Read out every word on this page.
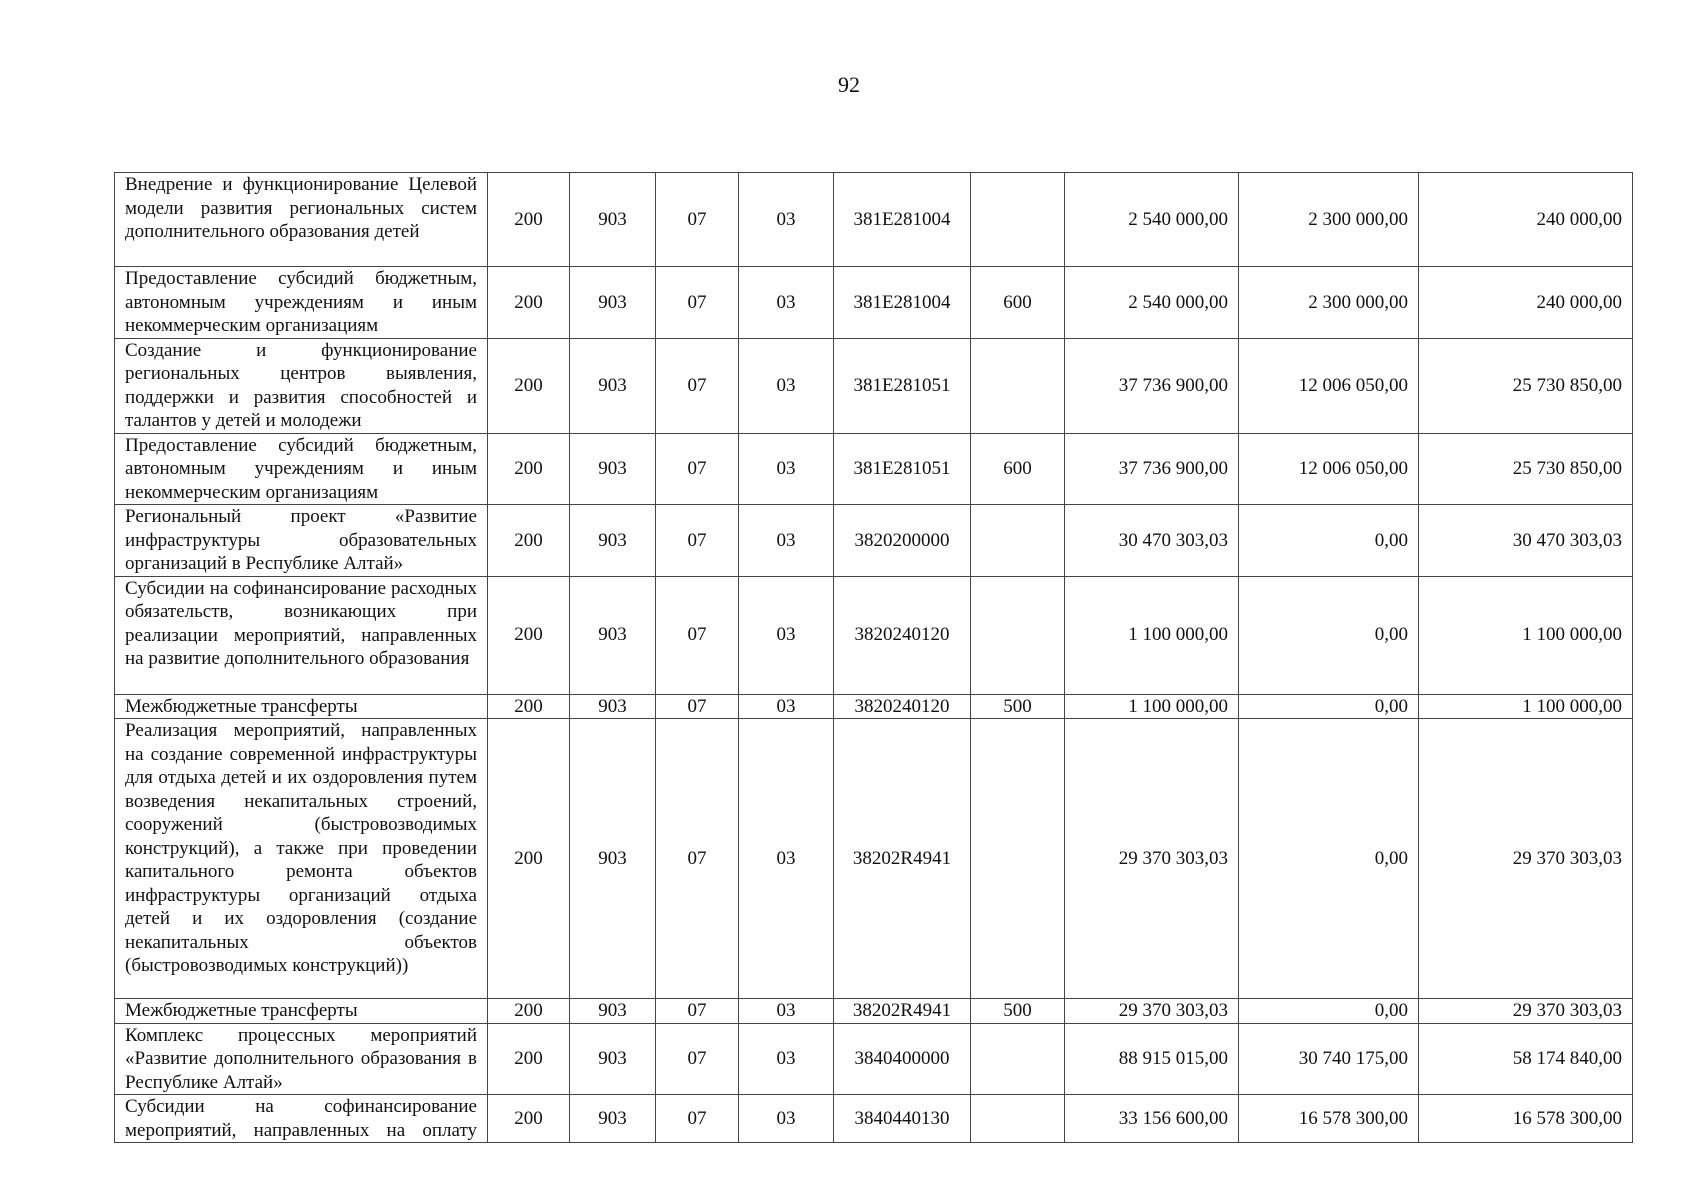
92
Внедрение и функционирование Целевой модели развития региональных систем дополнительного образования детей	200	903	07	03	381E281004		2 540 000,00	2 300 000,00	240 000,00
Предоставление субсидий бюджетным, автономным учреждениям и иным некоммерческим организациям	200	903	07	03	381E281004	600	2 540 000,00	2 300 000,00	240 000,00
Создание и функционирование региональных центров выявления, поддержки и развития способностей и талантов у детей и молодежи	200	903	07	03	381E281051		37 736 900,00	12 006 050,00	25 730 850,00
Предоставление субсидий бюджетным, автономным учреждениям и иным некоммерческим организациям	200	903	07	03	381E281051	600	37 736 900,00	12 006 050,00	25 730 850,00
Региональный проект «Развитие инфраструктуры образовательных организаций в Республике Алтай»	200	903	07	03	3820200000		30 470 303,03	0,00	30 470 303,03
Субсидии на софинансирование расходных обязательств, возникающих при реализации мероприятий, направленных на развитие дополнительного образования	200	903	07	03	3820240120		1 100 000,00	0,00	1 100 000,00
Межбюджетные трансферты	200	903	07	03	3820240120	500	1 100 000,00	0,00	1 100 000,00
Реализация мероприятий, направленных на создание современной инфраструктуры для отдыха детей и их оздоровления путем возведения некапитальных строений, сооружений (быстровозводимых конструкций), а также при проведении капитального ремонта объектов инфраструктуры организаций отдыха детей и их оздоровления (создание некапитальных объектов (быстровозводимых конструкций))	200	903	07	03	38202R4941		29 370 303,03	0,00	29 370 303,03
Межбюджетные трансферты	200	903	07	03	38202R4941	500	29 370 303,03	0,00	29 370 303,03
Комплекс процессных мероприятий «Развитие дополнительного образования в Республике Алтай»	200	903	07	03	3840400000		88 915 015,00	30 740 175,00	58 174 840,00
Субсидии на софинансирование мероприятий, направленных на оплату	200	903	07	03	3840440130		33 156 600,00	16 578 300,00	16 578 300,00
